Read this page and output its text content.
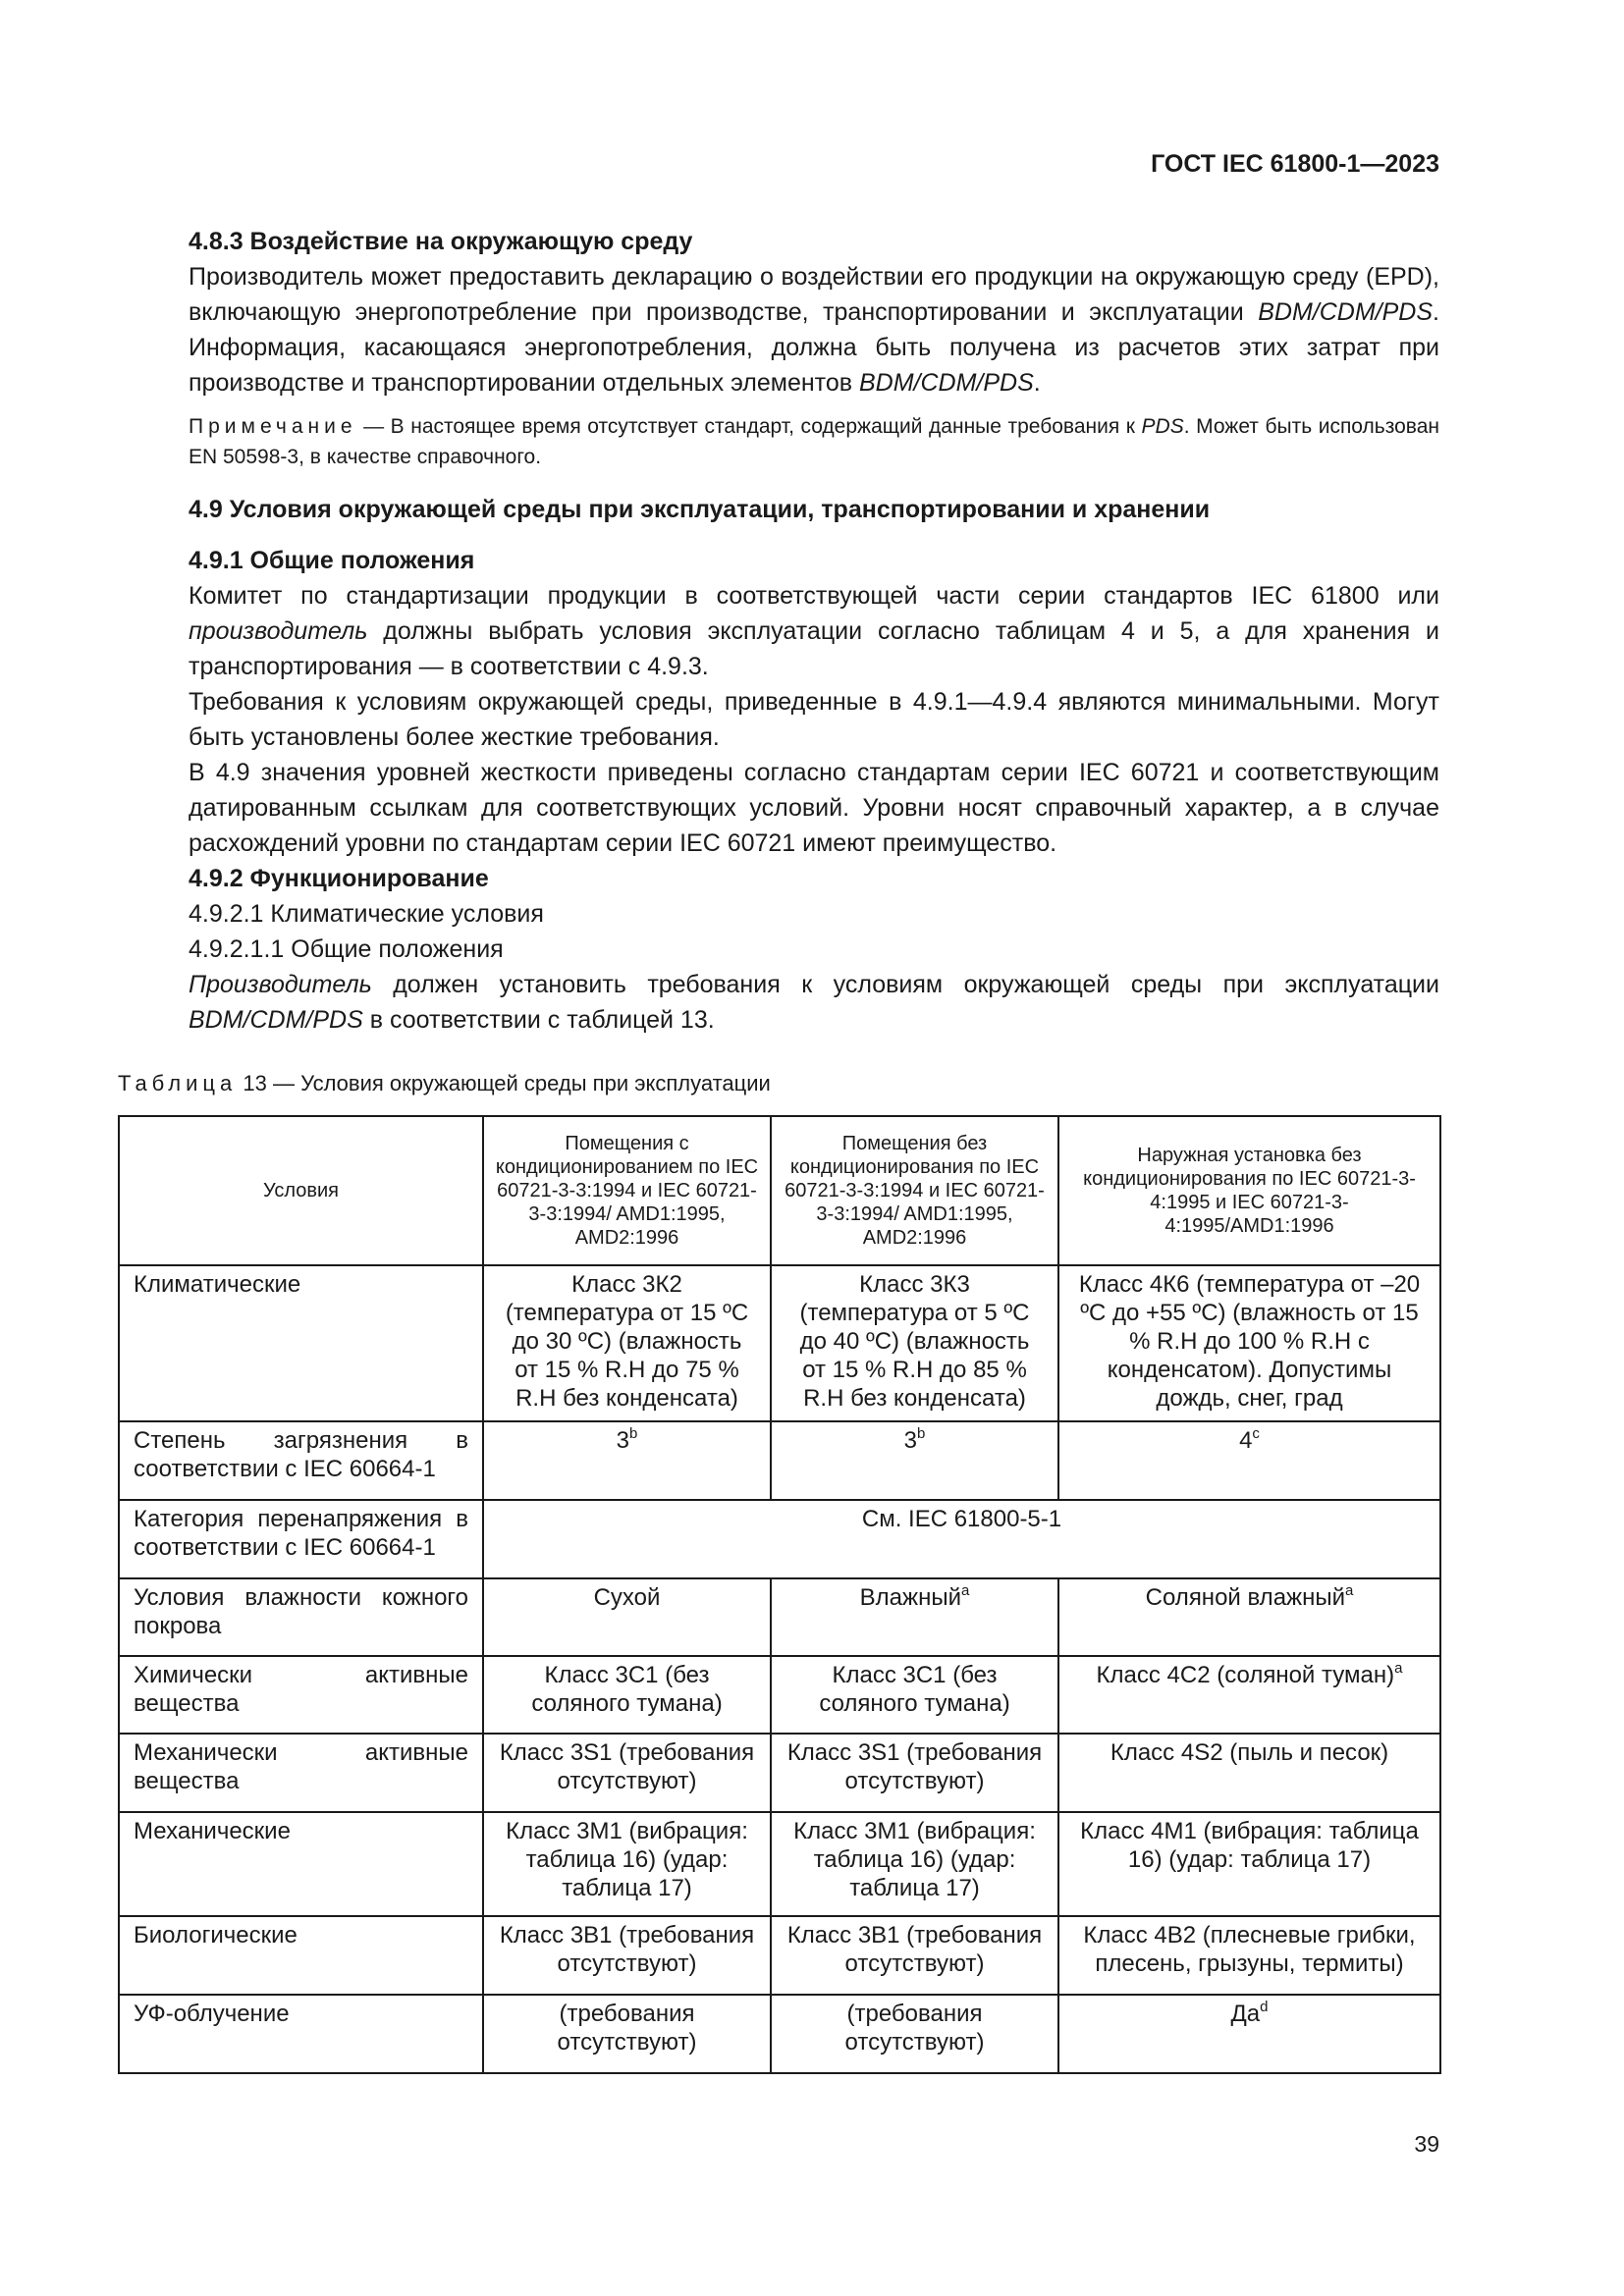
ГОСТ IEC 61800-1—2023

4.8.3 Воздействие на окружающую среду

Производитель может предоставить декларацию о воздействии его продукции на окружающую среду (EPD), включающую энергопотребление при производстве, транспортировании и эксплуатации BDM/CDM/PDS. Информация, касающаяся энергопотребления, должна быть получена из расчетов этих затрат при производстве и транспортировании отдельных элементов BDM/CDM/PDS.

Примечание — В настоящее время отсутствует стандарт, содержащий данные требования к PDS. Может быть использован EN 50598-3, в качестве справочного.

4.9 Условия окружающей среды при эксплуатации, транспортировании и хранении

4.9.1 Общие положения

Комитет по стандартизации продукции в соответствующей части серии стандартов IEC 61800 или производитель должны выбрать условия эксплуатации согласно таблицам 4 и 5, а для хранения и транспортирования — в соответствии с 4.9.3.

Требования к условиям окружающей среды, приведенные в 4.9.1—4.9.4 являются минимальными. Могут быть установлены более жесткие требования.

В 4.9 значения уровней жесткости приведены согласно стандартам серии IEC 60721 и соответствующим датированным ссылкам для соответствующих условий. Уровни носят справочный характер, а в случае расхождений уровни по стандартам серии IEC 60721 имеют преимущество.

4.9.2 Функционирование

4.9.2.1 Климатические условия

4.9.2.1.1 Общие положения

Производитель должен установить требования к условиям окружающей среды при эксплуатации BDM/CDM/PDS в соответствии с таблицей 13.

Таблица 13 — Условия окружающей среды при эксплуатации
Условия	Помещения с кондиционированием по IEC 60721-3-3:1994 и IEC 60721-3-3:1994/ AMD1:1995, AMD2:1996	Помещения без кондиционирования по IEC 60721-3-3:1994 и IEC 60721-3-3:1994/ AMD1:1995, AMD2:1996	Наружная установка без кондиционирования по IEC 60721-3-4:1995 и IEC 60721-3-4:1995/AMD1:1996
Климатические	Класс 3К2 (температура от 15 ºС до 30 ºС) (влажность от 15 % R.H до 75 % R.H без конденсата)	Класс 3К3 (температура от 5 ºС до 40 ºС) (влажность от 15 % R.H до 85 % R.H без конденсата)	Класс 4К6 (температура от –20 ºС до +55 ºС) (влажность от 15 % R.H до 100 % R.H с конденсатом). Допустимы дождь, снег, град
Степень загрязнения в соответствии с IEC 60664-1	3$^b$	3$^b$	4$^c$
Категория перенапряжения в соответствии с IEC 60664-1	См. IEC 61800-5-1		
Условия влажности кожного покрова	Сухой	Влажный$^a$	Соляной влажный$^a$
Химически активные вещества	Класс 3С1 (без соляного тумана)	Класс 3С1 (без соляного тумана)	Класс 4С2 (соляной туман)$^a$
Механически активные вещества	Класс 3S1 (требования отсутствуют)	Класс 3S1 (требования отсутствуют)	Класс 4S2 (пыль и песок)
Механические	Класс 3М1 (вибрация: таблица 16) (удар: таблица 17)	Класс 3М1 (вибрация: таблица 16) (удар: таблица 17)	Класс 4М1 (вибрация: таблица 16) (удар: таблица 17)
Биологические	Класс 3В1 (требования отсутствуют)	Класс 3В1 (требования отсутствуют)	Класс 4В2 (плесневые грибки, плесень, грызуны, термиты)
УФ-облучение	(требования отсутствуют)	(требования отсутствуют)	$Да^d$
39
